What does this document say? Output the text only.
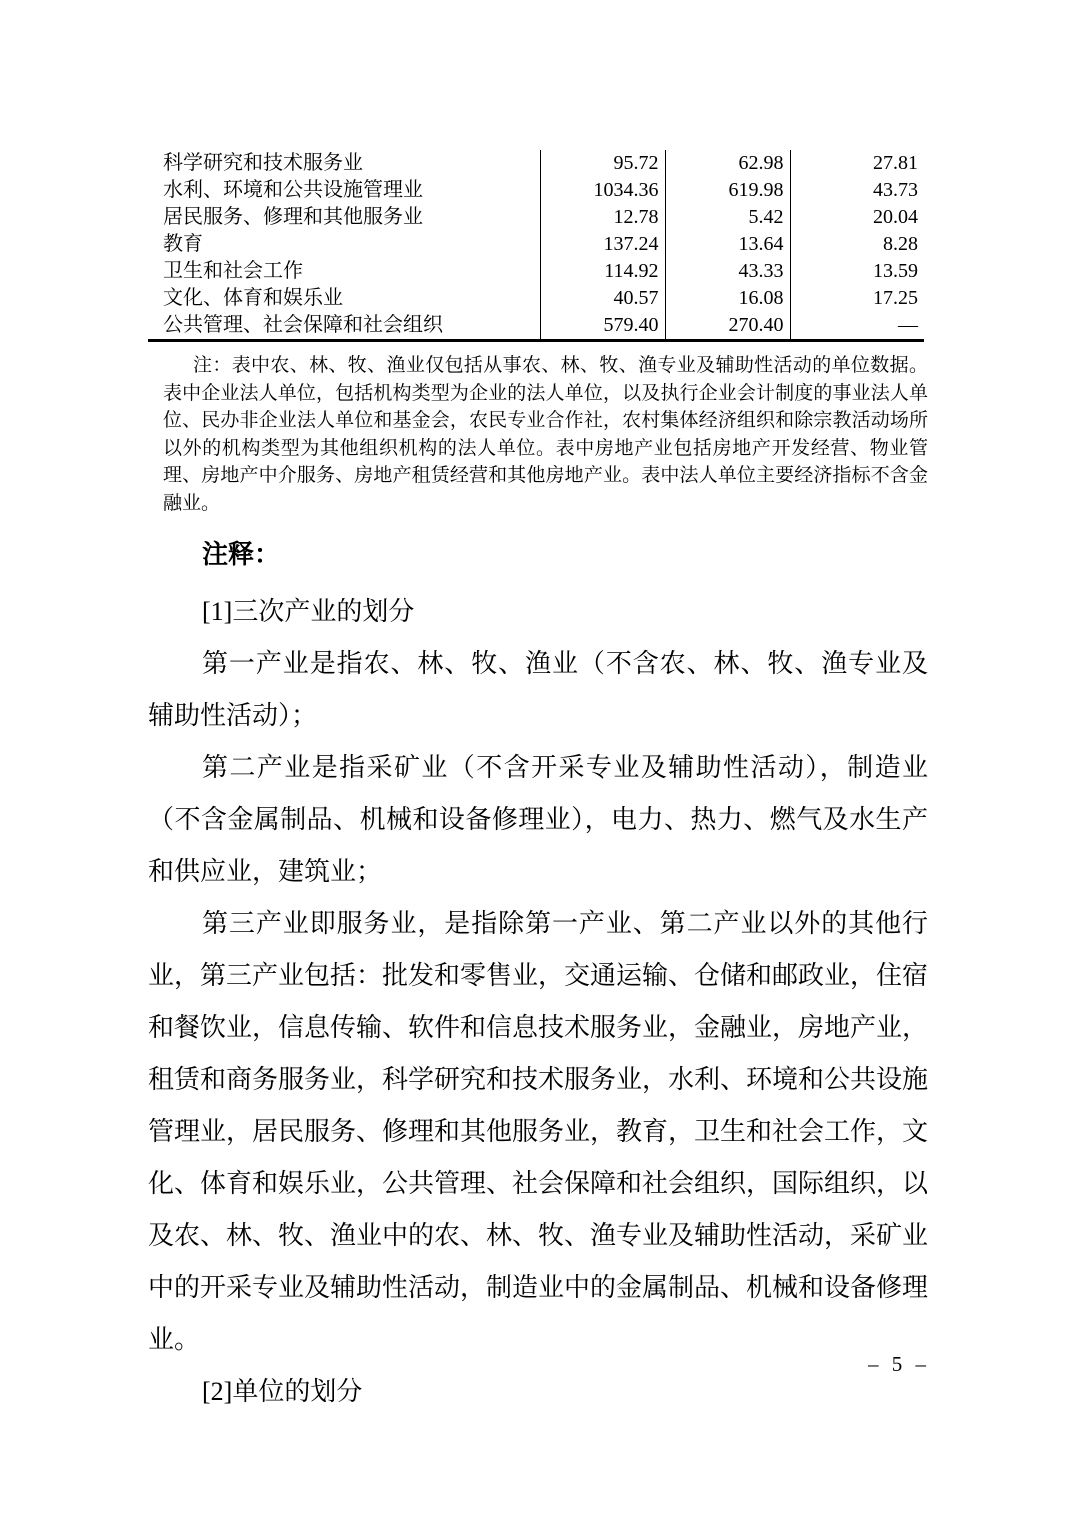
科学研究和技术服务业	95.72	62.98	27.81
水利、环境和公共设施管理业	1034.36	619.98	43.73
居民服务、修理和其他服务业	12.78	5.42	20.04
教育	137.24	13.64	8.28
卫生和社会工作	114.92	43.33	13.59
文化、体育和娱乐业	40.57	16.08	17.25
公共管理、社会保障和社会组织	579.40	270.40	—

注：表中农、林、牧、渔业仅包括从事农、林、牧、渔专业及辅助性活动的单位数据。表中企业法人单位，包括机构类型为企业的法人单位，以及执行企业会计制度的事业法人单位、民办非企业法人单位和基金会，农民专业合作社，农村集体经济组织和除宗教活动场所以外的机构类型为其他组织机构的法人单位。表中房地产业包括房地产开发经营、物业管理、房地产中介服务、房地产租赁经营和其他房地产业。表中法人单位主要经济指标不含金融业。

注释：

[1]三次产业的划分

第一产业是指农、林、牧、渔业（不含农、林、牧、渔专业及辅助性活动）；

第二产业是指采矿业（不含开采专业及辅助性活动），制造业（不含金属制品、机械和设备修理业），电力、热力、燃气及水生产和供应业，建筑业；

第三产业即服务业，是指除第一产业、第二产业以外的其他行业，第三产业包括：批发和零售业，交通运输、仓储和邮政业，住宿和餐饮业，信息传输、软件和信息技术服务业，金融业，房地产业，租赁和商务服务业，科学研究和技术服务业，水利、环境和公共设施管理业，居民服务、修理和其他服务业，教育，卫生和社会工作，文化、体育和娱乐业，公共管理、社会保障和社会组织，国际组织，以及农、林、牧、渔业中的农、林、牧、渔专业及辅助性活动，采矿业中的开采专业及辅助性活动，制造业中的金属制品、机械和设备修理业。

[2]单位的划分

– 5 –
